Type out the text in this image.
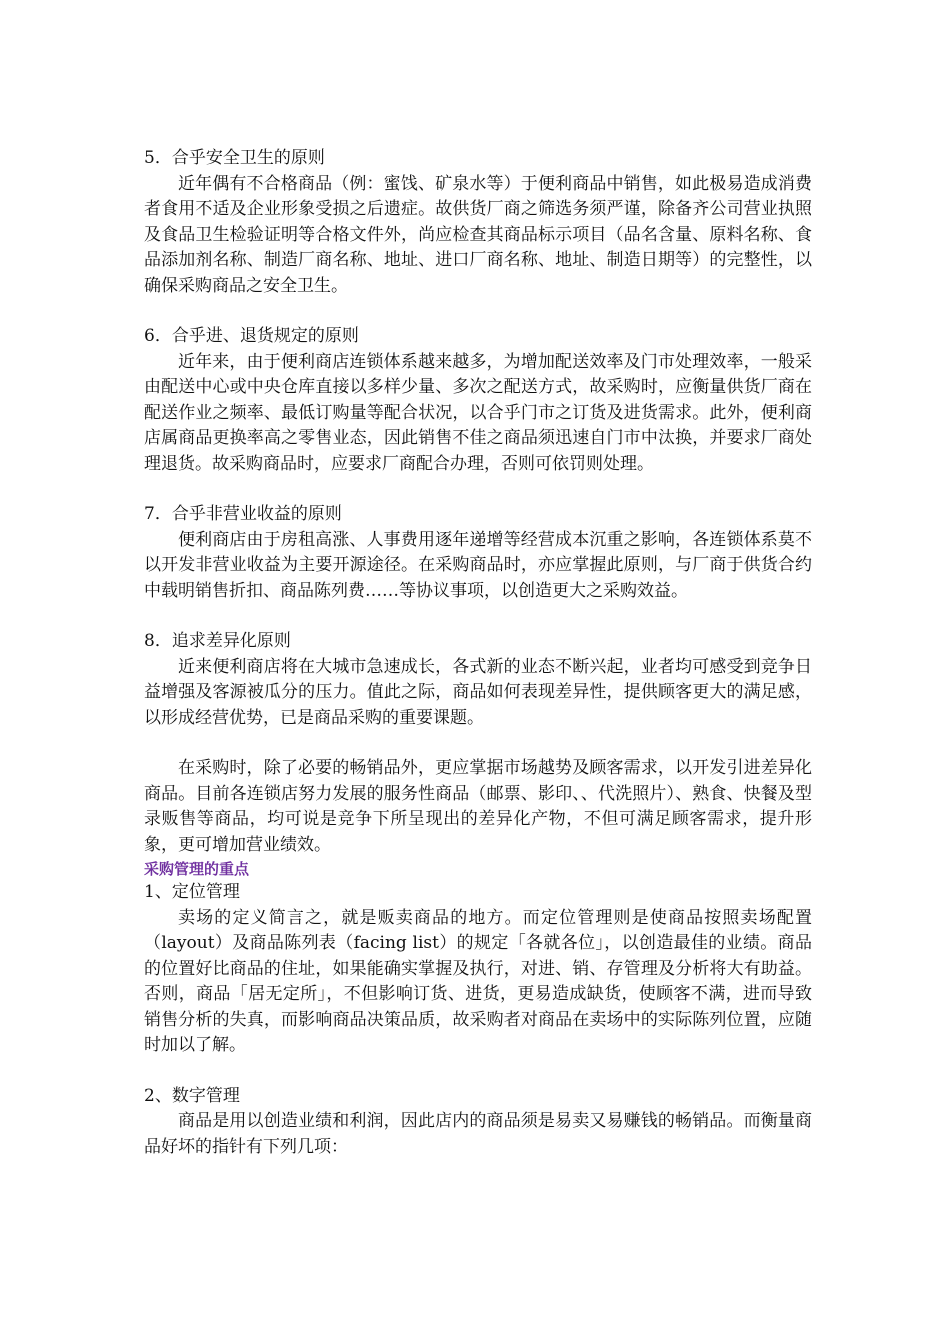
5．合乎安全卫生的原则

近年偶有不合格商品（例：蜜饯、矿泉水等）于便利商品中销售，如此极易造成消费者食用不适及企业形象受损之后遗症。故供货厂商之筛选务须严谨，除备齐公司营业执照及食品卫生检验证明等合格文件外，尚应检查其商品标示项目（品名含量、原料名称、食品添加剂名称、制造厂商名称、地址、进口厂商名称、地址、制造日期等）的完整性，以确保采购商品之安全卫生。

6．合乎进、退货规定的原则

近年来，由于便利商店连锁体系越来越多，为增加配送效率及门市处理效率，一般采由配送中心或中央仓库直接以多样少量、多次之配送方式，故采购时，应衡量供货厂商在配送作业之频率、最低订购量等配合状况，以合乎门市之订货及进货需求。此外，便利商店属商品更换率高之零售业态，因此销售不佳之商品须迅速自门市中汰换，并要求厂商处理退货。故采购商品时，应要求厂商配合办理，否则可依罚则处理。

7．合乎非营业收益的原则

便利商店由于房租高涨、人事费用逐年递增等经营成本沉重之影响，各连锁体系莫不以开发非营业收益为主要开源途径。在采购商品时，亦应掌握此原则，与厂商于供货合约中载明销售折扣、商品陈列费……等协议事项，以创造更大之采购效益。

8．追求差异化原则

近来便利商店将在大城市急速成长，各式新的业态不断兴起，业者均可感受到竞争日益增强及客源被瓜分的压力。值此之际，商品如何表现差异性，提供顾客更大的满足感，以形成经营优势，已是商品采购的重要课题。

在采购时，除了必要的畅销品外，更应掌据市场越势及顾客需求，以开发引进差异化商品。目前各连锁店努力发展的服务性商品（邮票、影印、、代洗照片）、熟食、快餐及型录贩售等商品，均可说是竞争下所呈现出的差异化产物，不但可满足顾客需求，提升形象，更可增加营业绩效。

采购管理的重点

1、定位管理

卖场的定义简言之，就是贩卖商品的地方。而定位管理则是使商品按照卖场配置（layout）及商品陈列表（facing list）的规定「各就各位」，以创造最佳的业绩。商品的位置好比商品的住址，如果能确实掌握及执行，对进、销、存管理及分析将大有助益。否则，商品「居无定所」，不但影响订货、进货，更易造成缺货，使顾客不满，进而导致销售分析的失真，而影响商品决策品质，故采购者对商品在卖场中的实际陈列位置，应随时加以了解。

2、数字管理

商品是用以创造业绩和利润，因此店内的商品须是易卖又易赚钱的畅销品。而衡量商品好坏的指针有下列几项：
